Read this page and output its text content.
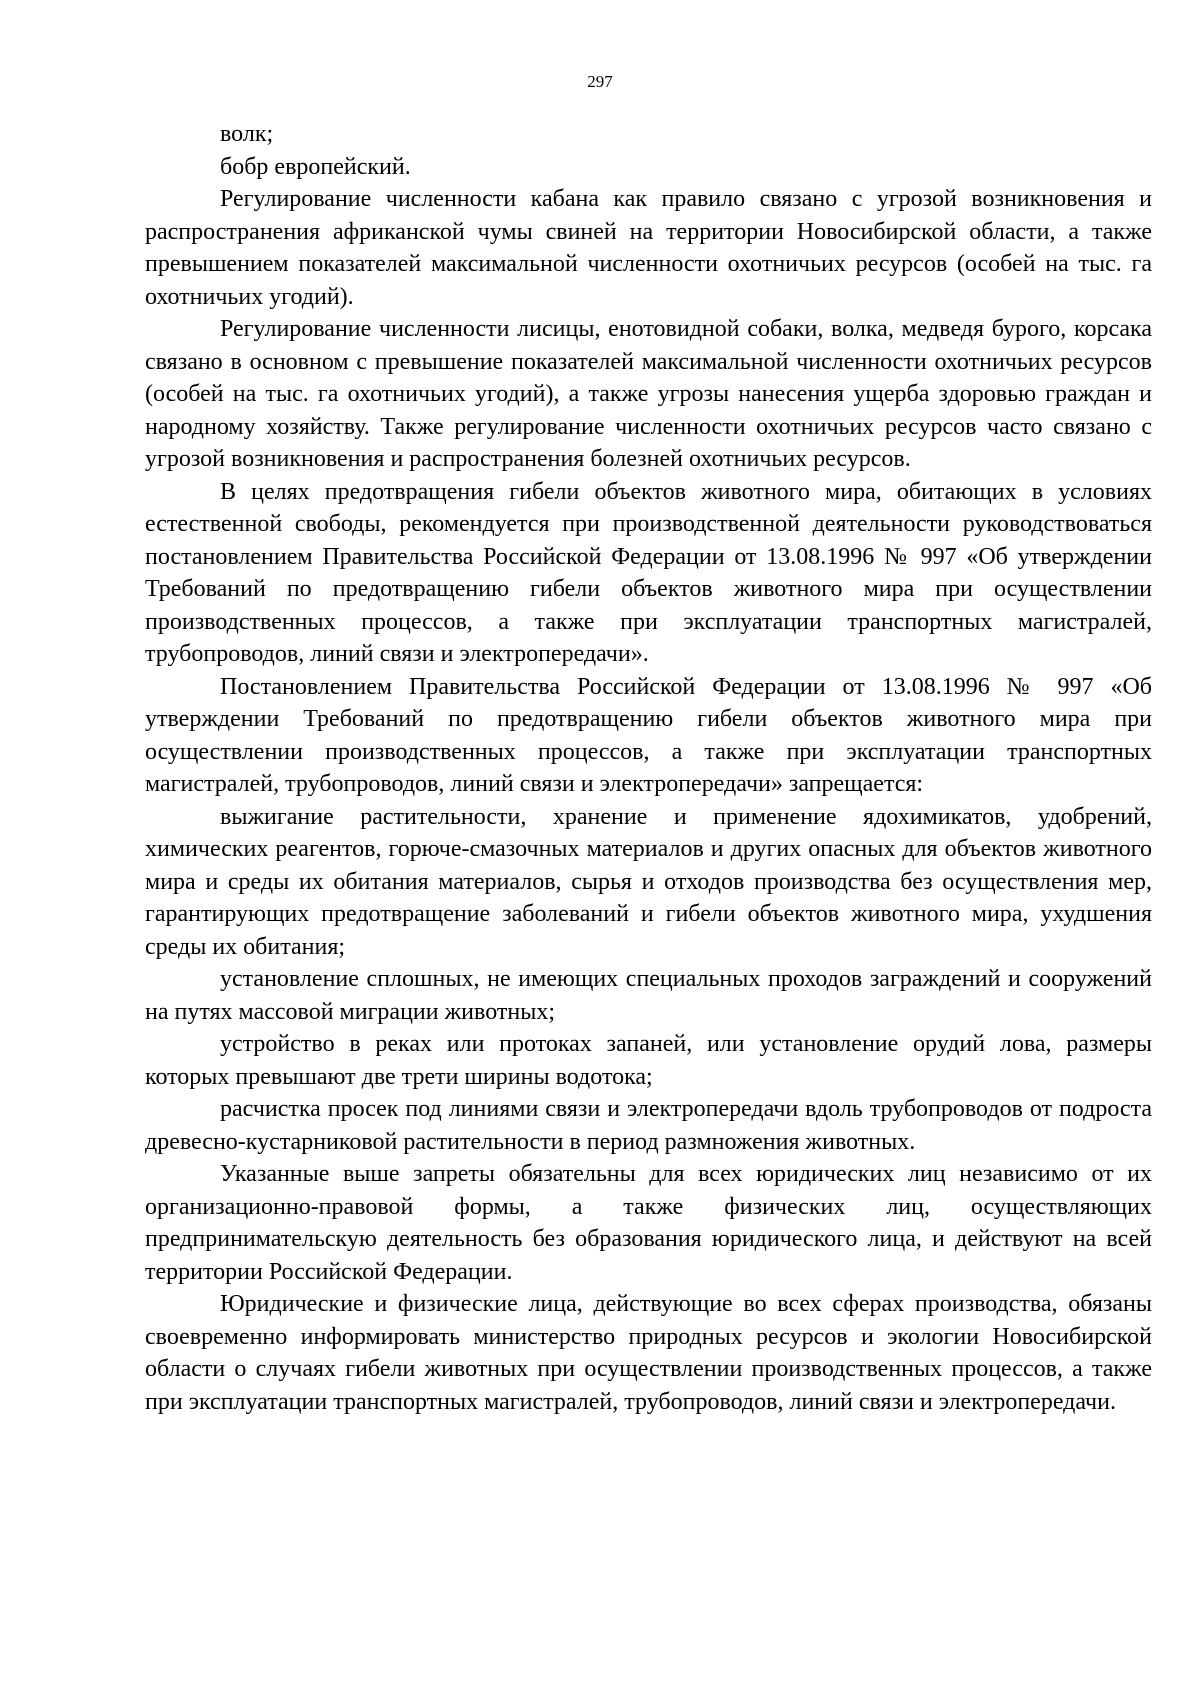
297

волк;

бобр европейский.

Регулирование численности кабана как правило связано с угрозой возникновения и распространения африканской чумы свиней на территории Новосибирской области, а также превышением показателей максимальной численности охотничьих ресурсов (особей на тыс. га охотничьих угодий).

Регулирование численности лисицы, енотовидной собаки, волка, медведя бурого, корсака связано в основном с превышение показателей максимальной численности охотничьих ресурсов (особей на тыс. га охотничьих угодий), а также угрозы нанесения ущерба здоровью граждан и народному хозяйству. Также регулирование численности охотничьих ресурсов часто связано с угрозой возникновения и распространения болезней охотничьих ресурсов.

В целях предотвращения гибели объектов животного мира, обитающих в условиях естественной свободы, рекомендуется при производственной деятельности руководствоваться постановлением Правительства Российской Федерации от 13.08.1996 № 997 «Об утверждении Требований по предотвращению гибели объектов животного мира при осуществлении производственных процессов, а также при эксплуатации транспортных магистралей, трубопроводов, линий связи и электропередачи».

Постановлением Правительства Российской Федерации от 13.08.1996 № 997 «Об утверждении Требований по предотвращению гибели объектов животного мира при осуществлении производственных процессов, а также при эксплуатации транспортных магистралей, трубопроводов, линий связи и электропередачи» запрещается:

выжигание растительности, хранение и применение ядохимикатов, удобрений, химических реагентов, горюче-смазочных материалов и других опасных для объектов животного мира и среды их обитания материалов, сырья и отходов производства без осуществления мер, гарантирующих предотвращение заболеваний и гибели объектов животного мира, ухудшения среды их обитания;

установление сплошных, не имеющих специальных проходов заграждений и сооружений на путях массовой миграции животных;

устройство в реках или протоках запаней, или установление орудий лова, размеры которых превышают две трети ширины водотока;

расчистка просек под линиями связи и электропередачи вдоль трубопроводов от подроста древесно-кустарниковой растительности в период размножения животных.

Указанные выше запреты обязательны для всех юридических лиц независимо от их организационно-правовой формы, а также физических лиц, осуществляющих предпринимательскую деятельность без образования юридического лица, и действуют на всей территории Российской Федерации.

Юридические и физические лица, действующие во всех сферах производства, обязаны своевременно информировать министерство природных ресурсов и экологии Новосибирской области о случаях гибели животных при осуществлении производственных процессов, а также при эксплуатации транспортных магистралей, трубопроводов, линий связи и электропередачи.
